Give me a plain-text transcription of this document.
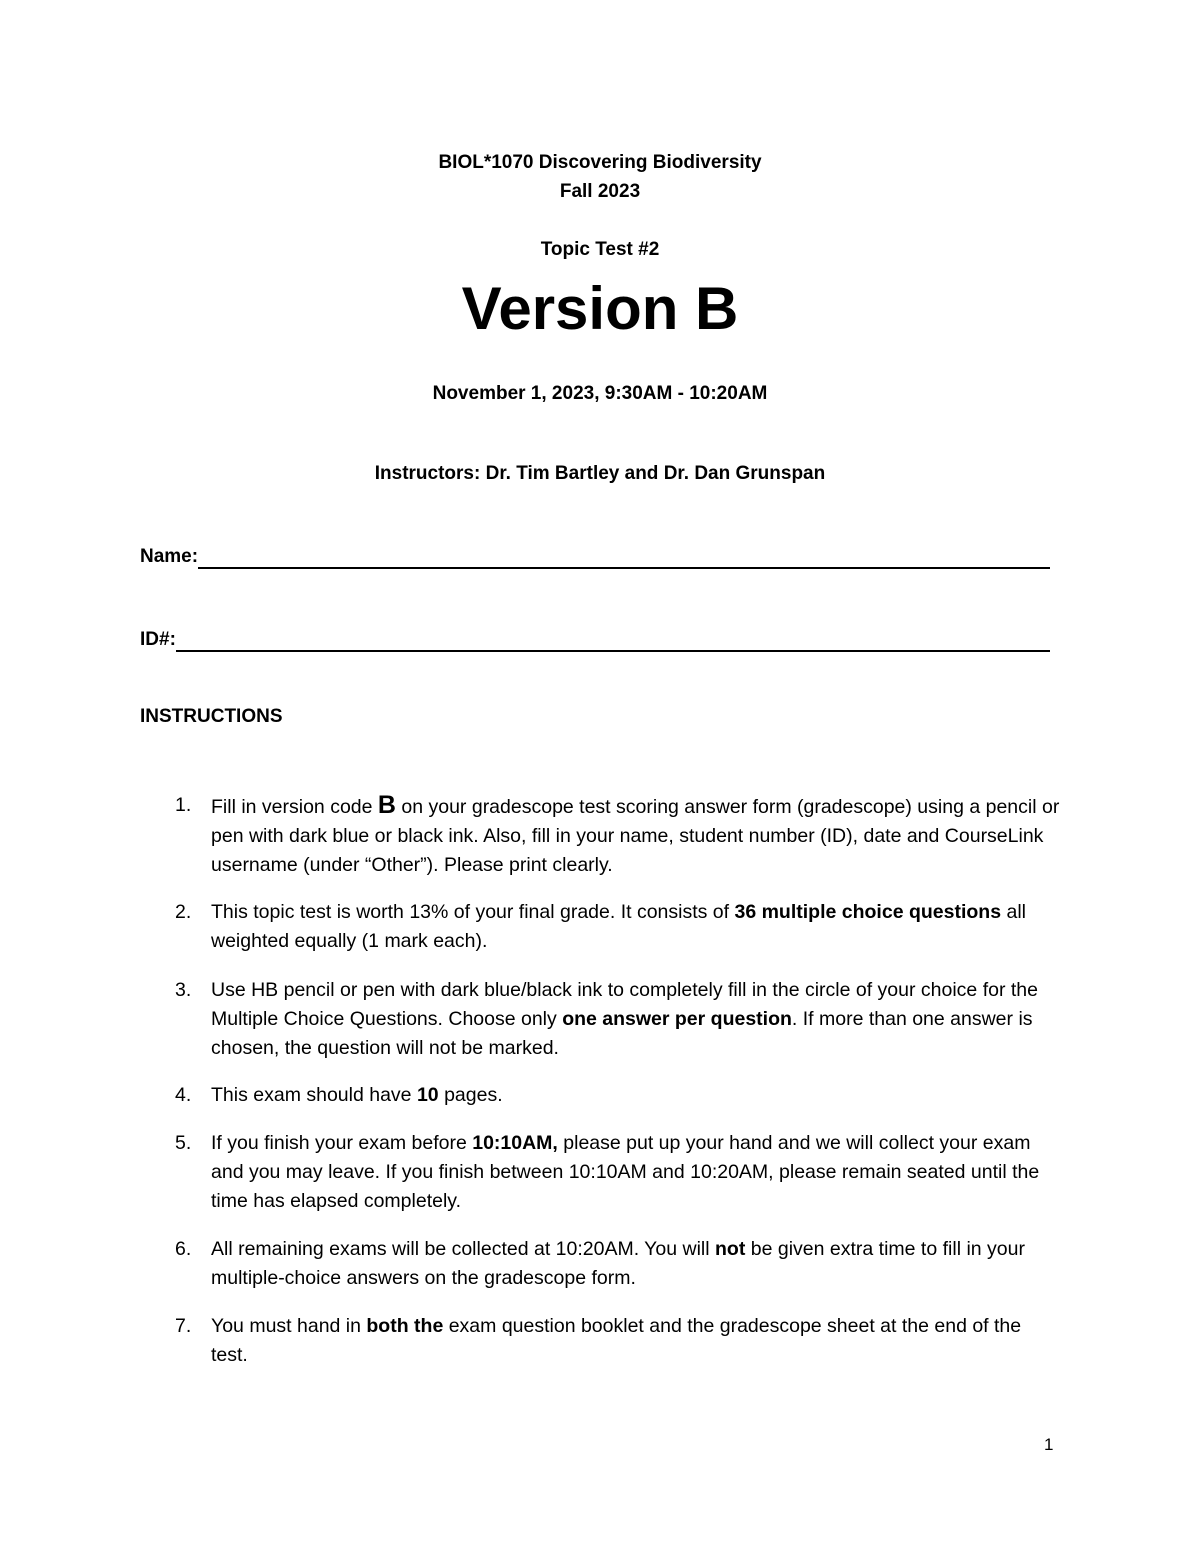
BIOL*1070 Discovering Biodiversity
Fall 2023
Topic Test #2
Version B
November 1, 2023, 9:30AM - 10:20AM
Instructors: Dr. Tim Bartley and Dr. Dan Grunspan
Name:
ID#:
INSTRUCTIONS
1.	Fill in version code B on your gradescope test scoring answer form (gradescope) using a pencil or pen with dark blue or black ink. Also, fill in your name, student number (ID), date and CourseLink username (under “Other”). Please print clearly.
2.	This topic test is worth 13% of your final grade. It consists of 36 multiple choice questions all weighted equally (1 mark each).
3.	Use HB pencil or pen with dark blue/black ink to completely fill in the circle of your choice for the Multiple Choice Questions. Choose only one answer per question. If more than one answer is chosen, the question will not be marked.
4.	This exam should have 10 pages.
5.	If you finish your exam before 10:10AM, please put up your hand and we will collect your exam and you may leave. If you finish between 10:10AM and 10:20AM, please remain seated until the time has elapsed completely.
6.	All remaining exams will be collected at 10:20AM. You will not be given extra time to fill in your multiple-choice answers on the gradescope form.
7.	You must hand in both the exam question booklet and the gradescope sheet at the end of the test.
1
